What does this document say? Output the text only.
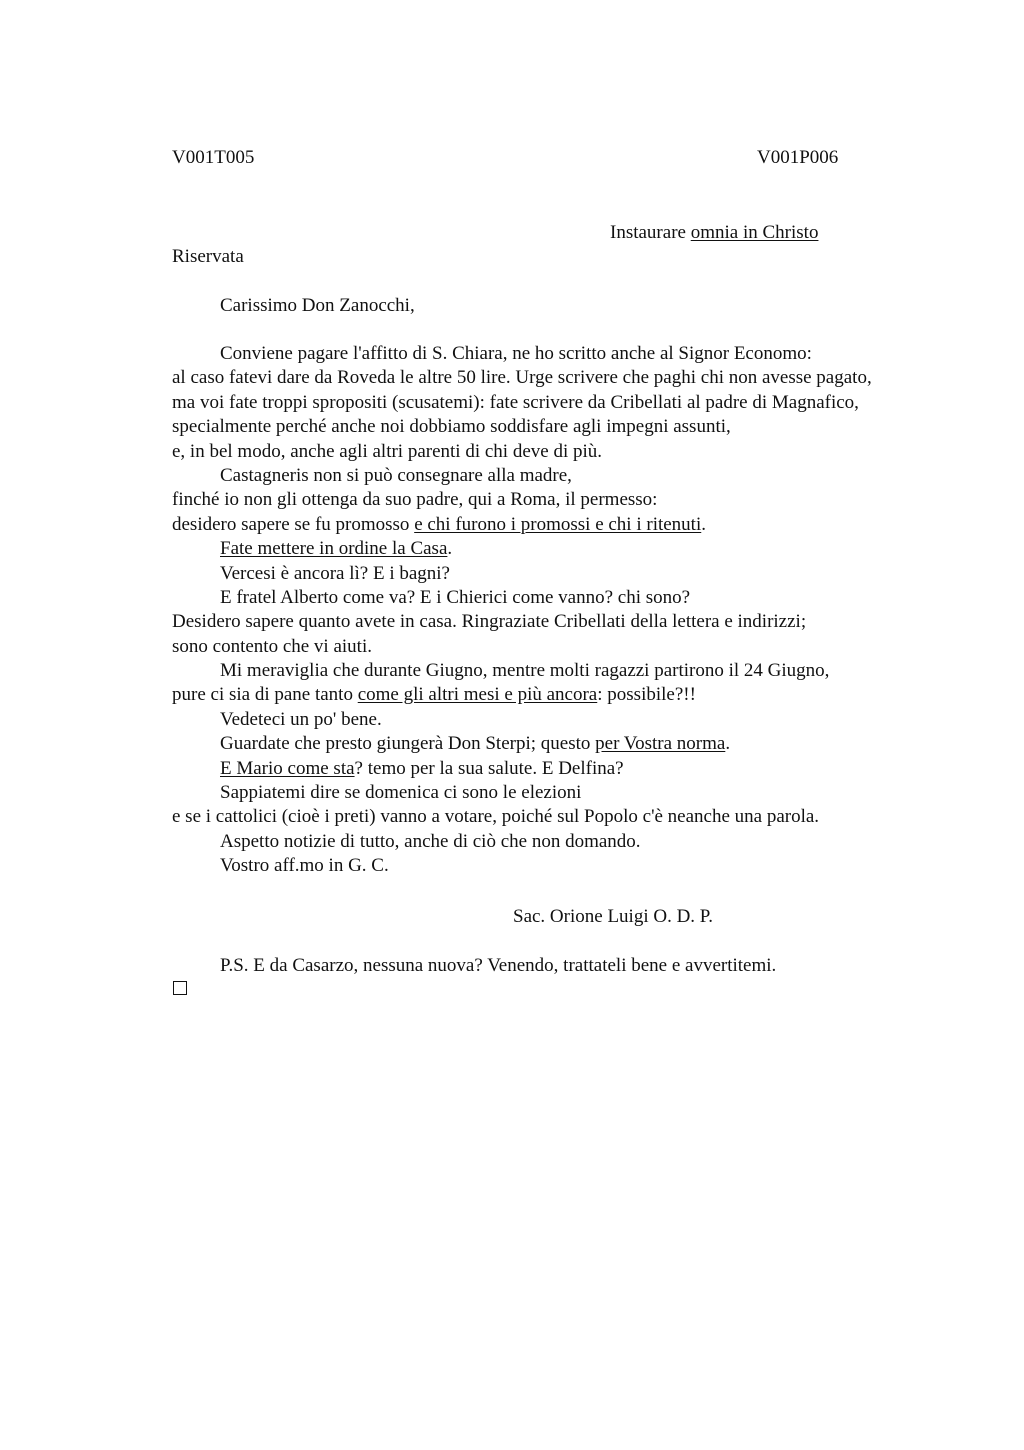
V001T005	V001P006
Instaurare omnia in Christo
Riservata
Carissimo Don Zanocchi,
Conviene pagare l'affitto di S. Chiara, ne ho scritto anche al Signor Economo:
al caso fatevi dare da Roveda le altre 50 lire. Urge scrivere che paghi chi non avesse pagato,
ma voi fate troppi spropositi (scusatemi): fate scrivere da Cribellati al padre di Magnafico,
specialmente perché anche noi dobbiamo soddisfare agli impegni assunti,
e, in bel modo, anche agli altri parenti di chi deve di più.
Castagneris non si può consegnare alla madre,
finché io non gli ottenga da suo padre, qui a Roma, il permesso:
desidero sapere se fu promosso e chi furono i promossi e chi i ritenuti.
Fate mettere in ordine la Casa.
Vercesi è ancora lì? E i bagni?
E fratel Alberto come va? E i Chierici come vanno? chi sono?
Desidero sapere quanto avete in casa. Ringraziate Cribellati della lettera e indirizzi;
sono contento che vi aiuti.
Mi meraviglia che durante Giugno, mentre molti ragazzi partirono il 24 Giugno,
pure ci sia di pane tanto come gli altri mesi e più ancora: possibile?!!
Vedeteci un po' bene.
Guardate che presto giungerà Don Sterpi; questo per Vostra norma.
E Mario come sta? temo per la sua salute. E Delfina?
Sappiatemi dire se domenica ci sono le elezioni
e se i cattolici (cioè i preti) vanno a votare, poiché sul Popolo c'è neanche una parola.
Aspetto notizie di tutto, anche di ciò che non domando.
Vostro aff.mo in G. C.
Sac. Orione Luigi O. D. P.
P.S. E da Casarzo, nessuna nuova? Venendo, trattateli bene e avvertitemi.
